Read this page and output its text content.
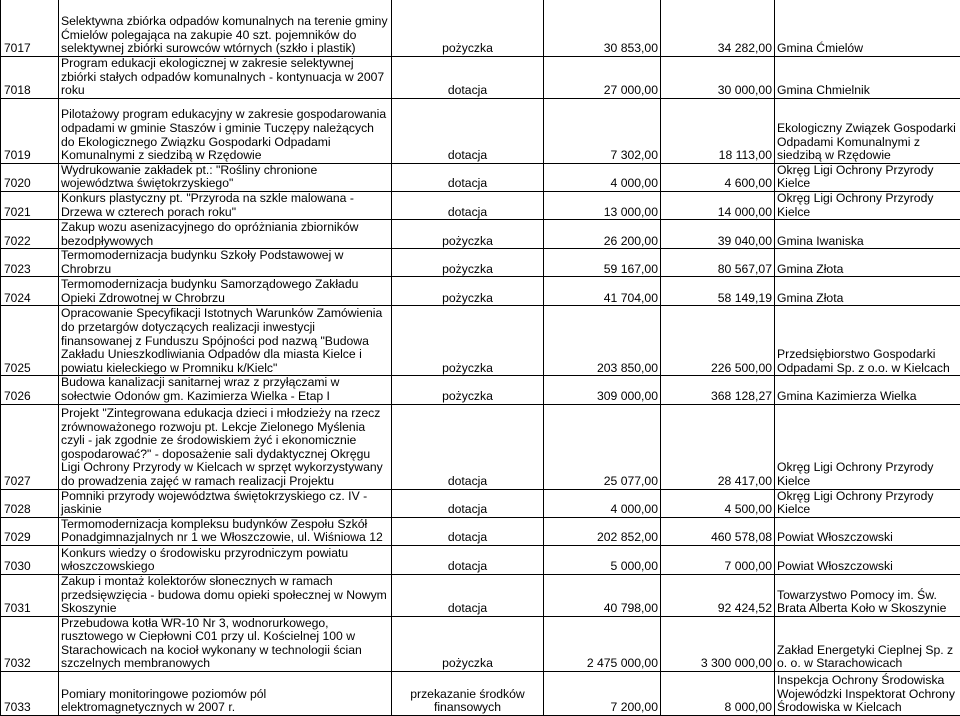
7017	Selektywna zbiórka odpadów komunalnych na terenie gminy Ćmielów polegająca na zakupie 40 szt. pojemników do selektywnej zbiórki surowców wtórnych (szkło i plastik)	pożyczka	30 853,00	34 282,00	Gmina Ćmielów
7018	Program edukacji ekologicznej w zakresie selektywnej zbiórki stałych odpadów komunalnych - kontynuacja w 2007 roku	dotacja	27 000,00	30 000,00	Gmina Chmielnik
7019	Pilotażowy program edukacyjny w zakresie gospodarowania odpadami w gminie Staszów i gminie Tuczępy należących do Ekologicznego Związku Gospodarki Odpadami Komunalnymi z siedzibą w Rzędowie	dotacja	7 302,00	18 113,00	Ekologiczny Związek Gospodarki Odpadami Komunalnymi z siedzibą w Rzędowie
7020	Wydrukowanie zakładek pt.: "Rośliny chronione województwa świętokrzyskiego"	dotacja	4 000,00	4 600,00	Okręg Ligi Ochrony Przyrody Kielce
7021	Konkurs plastyczny pt. "Przyroda na szkle malowana - Drzewa w czterech porach roku"	dotacja	13 000,00	14 000,00	Okręg Ligi Ochrony Przyrody Kielce
7022	Zakup wozu asenizacyjnego do opróżniania zbiorników bezodpływowych	pożyczka	26 200,00	39 040,00	Gmina Iwaniska
7023	Termomodernizacja budynku Szkoły Podstawowej w Chrobrzu	pożyczka	59 167,00	80 567,07	Gmina Złota
7024	Termomodernizacja budynku Samorządowego Zakładu Opieki Zdrowotnej w Chrobrzu	pożyczka	41 704,00	58 149,19	Gmina Złota
7025	Opracowanie Specyfikacji Istotnych Warunków Zamówienia do przetargów dotyczących realizacji inwestycji finansowanej z Funduszu Spójności pod nazwą "Budowa Zakładu Unieszkodliwiania Odpadów dla miasta Kielce i powiatu kieleckiego w Promniku k/Kielc"	pożyczka	203 850,00	226 500,00	Przedsiębiorstwo Gospodarki Odpadami Sp. z o.o. w Kielcach
7026	Budowa kanalizacji sanitarnej wraz z przyłączami w sołectwie Odonów gm. Kazimierza Wielka - Etap I	pożyczka	309 000,00	368 128,27	Gmina Kazimierza Wielka
7027	Projekt "Zintegrowana edukacja dzieci i młodzieży na rzecz zrównoważonego rozwoju pt. Lekcje Zielonego Myślenia czyli - jak zgodnie ze środowiskiem żyć i ekonomicznie gospodarować?" - doposażenie sali dydaktycznej Okręgu Ligi Ochrony Przyrody w Kielcach w sprzęt wykorzystywany do prowadzenia zajęć w ramach realizacji Projektu	dotacja	25 077,00	28 417,00	Okręg Ligi Ochrony Przyrody Kielce
7028	Pomniki przyrody województwa świętokrzyskiego cz. IV - jaskinie	dotacja	4 000,00	4 500,00	Okręg Ligi Ochrony Przyrody Kielce
7029	Termomodernizacja kompleksu budynków Zespołu Szkół Ponadgimnazjalnych nr 1 we Włoszczowie, ul. Wiśniowa 12	dotacja	202 852,00	460 578,08	Powiat Włoszczowski
7030	Konkurs wiedzy o środowisku przyrodniczym powiatu włoszczowskiego	dotacja	5 000,00	7 000,00	Powiat Włoszczowski
7031	Zakup i montaż kolektorów słonecznych w ramach przedsięwzięcia - budowa domu opieki społecznej w Nowym Skoszynie	dotacja	40 798,00	92 424,52	Towarzystwo Pomocy im. Św. Brata Alberta Koło w Skoszynie
7032	Przebudowa kotła WR-10 Nr 3, wodnorurkowego, rusztowego w Ciepłowni C01 przy ul. Kościelnej 100 w Starachowicach na kocioł wykonany w technologii ścian szczelnych membranowych	pożyczka	2 475 000,00	3 300 000,00	Zakład Energetyki Cieplnej Sp. z o. o. w Starachowicach
7033	Pomiary monitoringowe poziomów pól elektromagnetycznych w 2007 r.	przekazanie środków finansowych	7 200,00	8 000,00	Inspekcja Ochrony Środowiska Wojewódzki Inspektorat Ochrony Środowiska w Kielcach
